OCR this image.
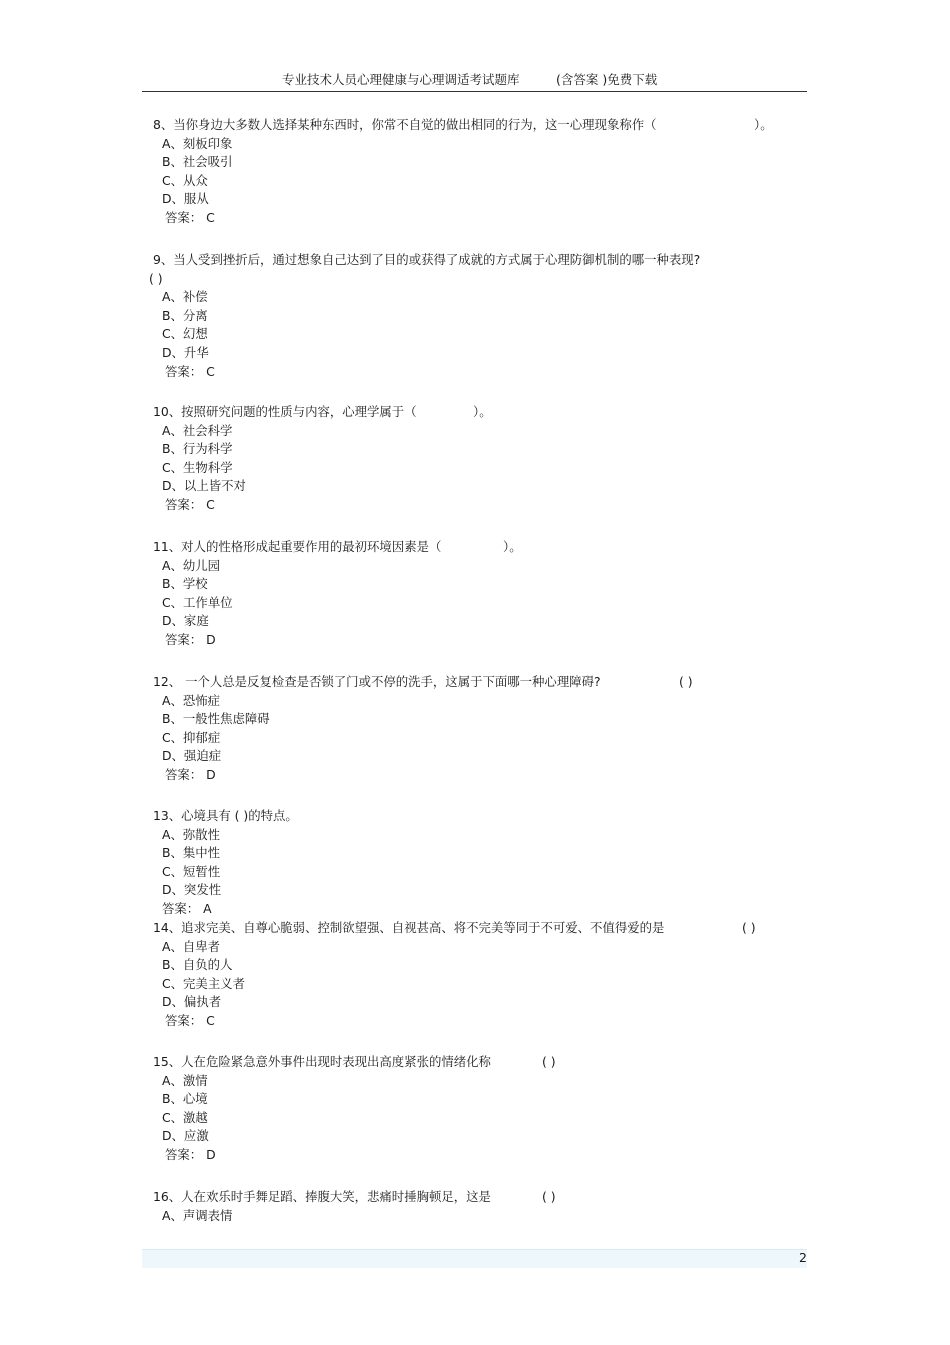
专业技术人员心理健康与心理调适考试题库	(含答案 )免费下载
8、当你身边大多数人选择某种东西时，你常不自觉的做出相同的行为，这一心理现象称作（	）。
A、刻板印象
B、社会吸引
C、从众
D、服从
答案： C
9、当人受到挫折后，通过想象自己达到了目的或获得了成就的方式属于心理防御机制的哪一种表现?
( )
A、补偿
B、分离
C、幻想
D、升华
答案： C
10、按照研究问题的性质与内容，心理学属于（	）。
A、社会科学
B、行为科学
C、生物科学
D、以上皆不对
答案： C
11、对人的性格形成起重要作用的最初环境因素是（	）。
A、幼儿园
B、学校
C、工作单位
D、家庭
答案： D
12、 一个人总是反复检查是否锁了门或不停的洗手，这属于下面哪一种心理障碍?	( )
A、恐怖症
B、一般性焦虑障碍
C、抑郁症
D、强迫症
答案： D
13、心境具有 ( )的特点。
A、弥散性
B、集中性
C、短暂性
D、突发性
答案： A
14、追求完美、自尊心脆弱、控制欲望强、自视甚高、将不完美等同于不可爱、不值得爱的是	( )
A、自卑者
B、自负的人
C、完美主义者
D、偏执者
答案： C
15、人在危险紧急意外事件出现时表现出高度紧张的情绪化称	( )
A、激情
B、心境
C、激越
D、应激
答案： D
16、人在欢乐时手舞足蹈、捧腹大笑，悲痛时捶胸顿足，这是	( )
A、声调表情
2
